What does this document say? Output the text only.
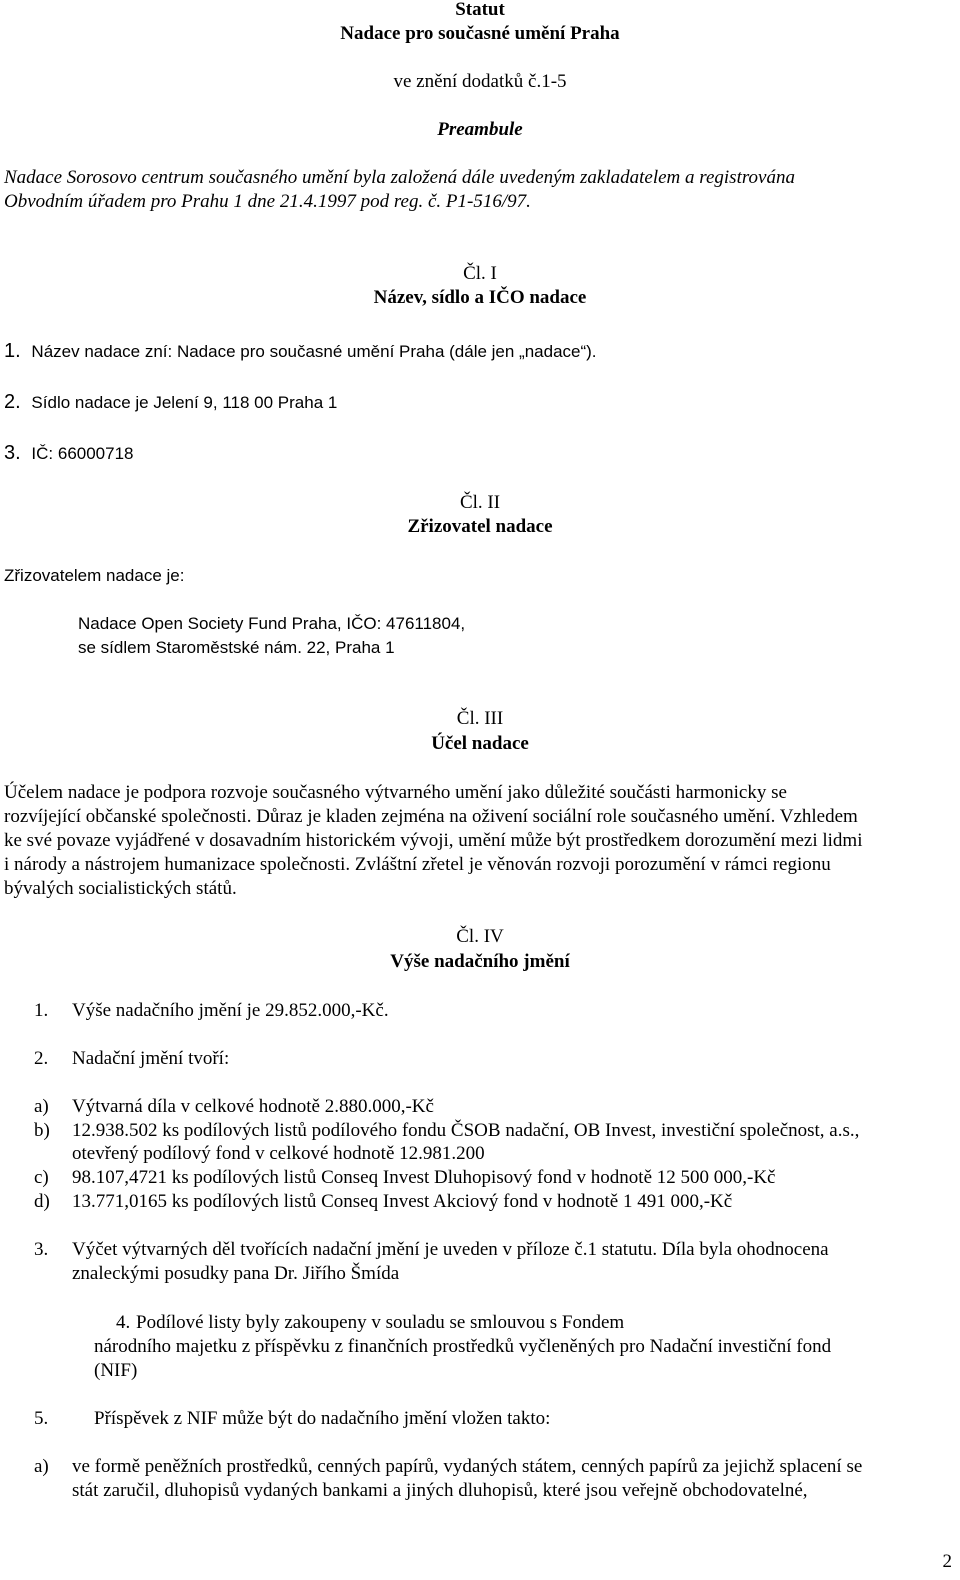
Statut
Nadace pro současné umění Praha
ve znění dodatků č.1-5
Preambule
Nadace Sorosovo centrum současného umění byla založená dále uvedeným zakladatelem a registrována
Obvodním úřadem pro Prahu 1 dne 21.4.1997 pod reg. č. P1-516/97.
Čl. I
Název, sídlo a IČO nadace
1. Název nadace zní: Nadace pro současné umění Praha (dále jen „nadace“).
2. Sídlo nadace je Jelení 9, 118 00 Praha 1
3. IČ: 66000718
Čl. II
Zřizovatel nadace
Zřizovatelem nadace je:
Nadace Open Society Fund Praha, IČO: 47611804,
se sídlem Staroměstské nám. 22, Praha 1
Čl. III
Účel nadace
Účelem nadace je podpora rozvoje současného výtvarného umění jako důležité součásti harmonicky se
rozvíjející občanské společnosti. Důraz je kladen zejména na oživení sociální role současného umění. Vzhledem
ke své povaze vyjádřené v dosavadním historickém vývoji, umění může být prostředkem dorozumění mezi lidmi
i národy a nástrojem humanizace společnosti. Zvláštní zřetel je věnován rozvoji porozumění v rámci regionu
bývalých socialistických států.
Čl. IV
Výše nadačního jmění
1. Výše nadačního jmění je 29.852.000,-Kč.
2. Nadační jmění tvoří:
a) Výtvarná díla v celkové hodnotě 2.880.000,-Kč
b) 12.938.502 ks podílových listů podílového fondu ČSOB nadační, OB Invest, investiční společnost, a.s.,
otevřený podílový fond v celkové hodnotě 12.981.200
c) 98.107,4721 ks podílových listů Conseq Invest Dluhopisový fond v hodnotě 12 500 000,-Kč
d) 13.771,0165 ks podílových listů Conseq Invest Akciový fond v hodnotě 1 491 000,-Kč
3. Výčet výtvarných děl tvořících nadační jmění je uveden v příloze č.1 statutu. Díla byla ohodnocena
znaleckými posudky pana Dr. Jiřího Šmída
4. Podílové listy byly zakoupeny v souladu se smlouvou s Fondem
národního majetku z příspěvku z finančních prostředků vyčleněných pro Nadační investiční fond
(NIF)
5. Příspěvek z NIF může být do nadačního jmění vložen takto:
a) ve formě peněžních prostředků, cenných papírů, vydaných státem, cenných papírů za jejichž splacení se
stát zaručil, dluhopisů vydaných bankami a jiných dluhopisů, které jsou veřejně obchodovatelné,
2
